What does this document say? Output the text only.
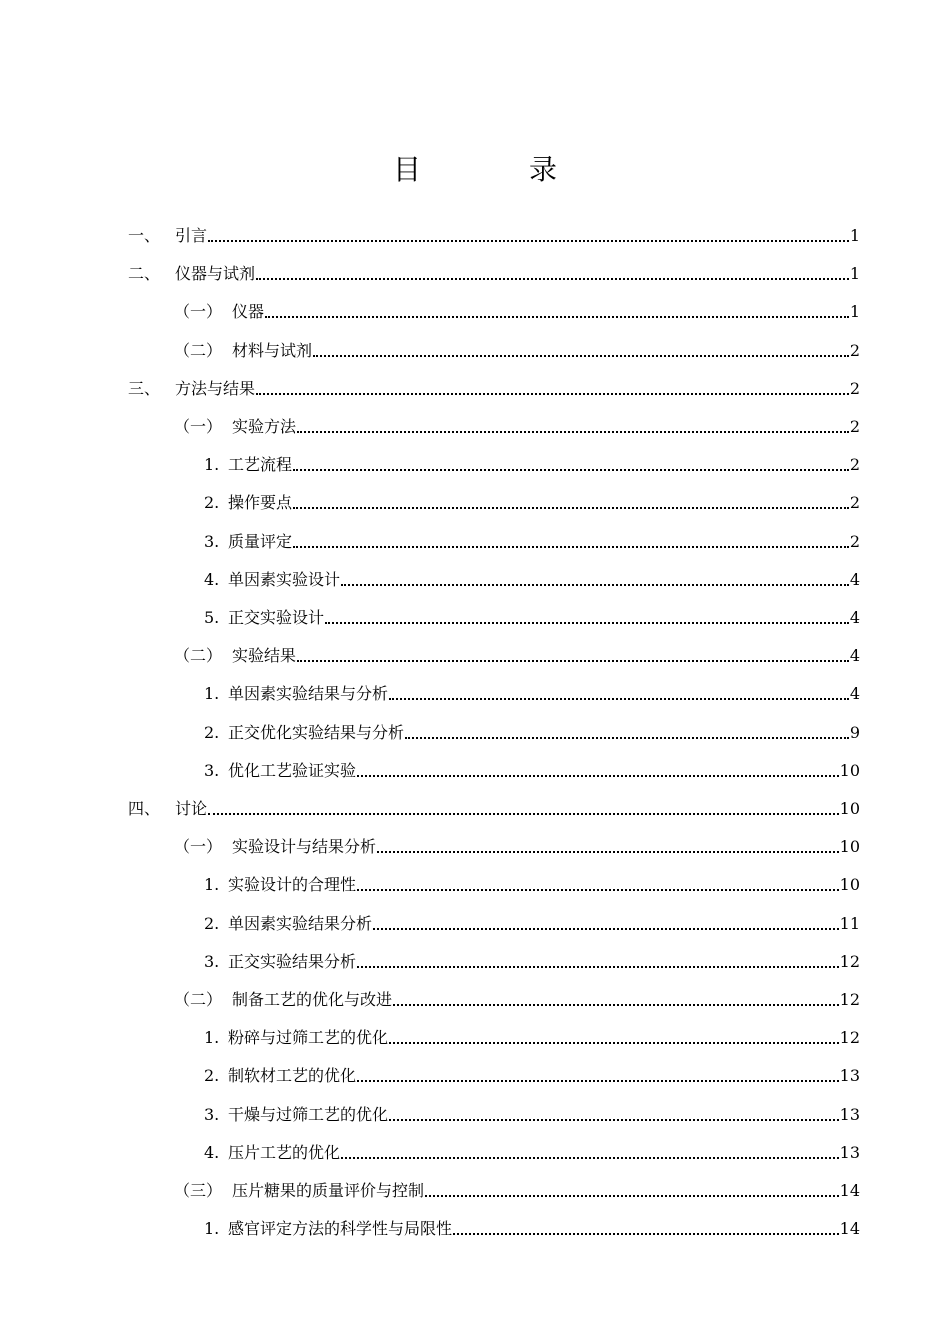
目　录
一、 引言	1
二、 仪器与试剂	1
（一） 仪器	1
（二） 材料与试剂	2
三、 方法与结果	2
（一） 实验方法	2
1. 工艺流程	2
2. 操作要点	2
3. 质量评定	2
4. 单因素实验设计	4
5. 正交实验设计	4
（二） 实验结果	4
1. 单因素实验结果与分析	4
2. 正交优化实验结果与分析	9
3. 优化工艺验证实验	10
四、 讨论	10
（一） 实验设计与结果分析	10
1. 实验设计的合理性	10
2. 单因素实验结果分析	11
3. 正交实验结果分析	12
（二） 制备工艺的优化与改进	12
1. 粉碎与过筛工艺的优化	12
2. 制软材工艺的优化	13
3. 干燥与过筛工艺的优化	13
4. 压片工艺的优化	13
（三） 压片糖果的质量评价与控制	14
1. 感官评定方法的科学性与局限性	14
